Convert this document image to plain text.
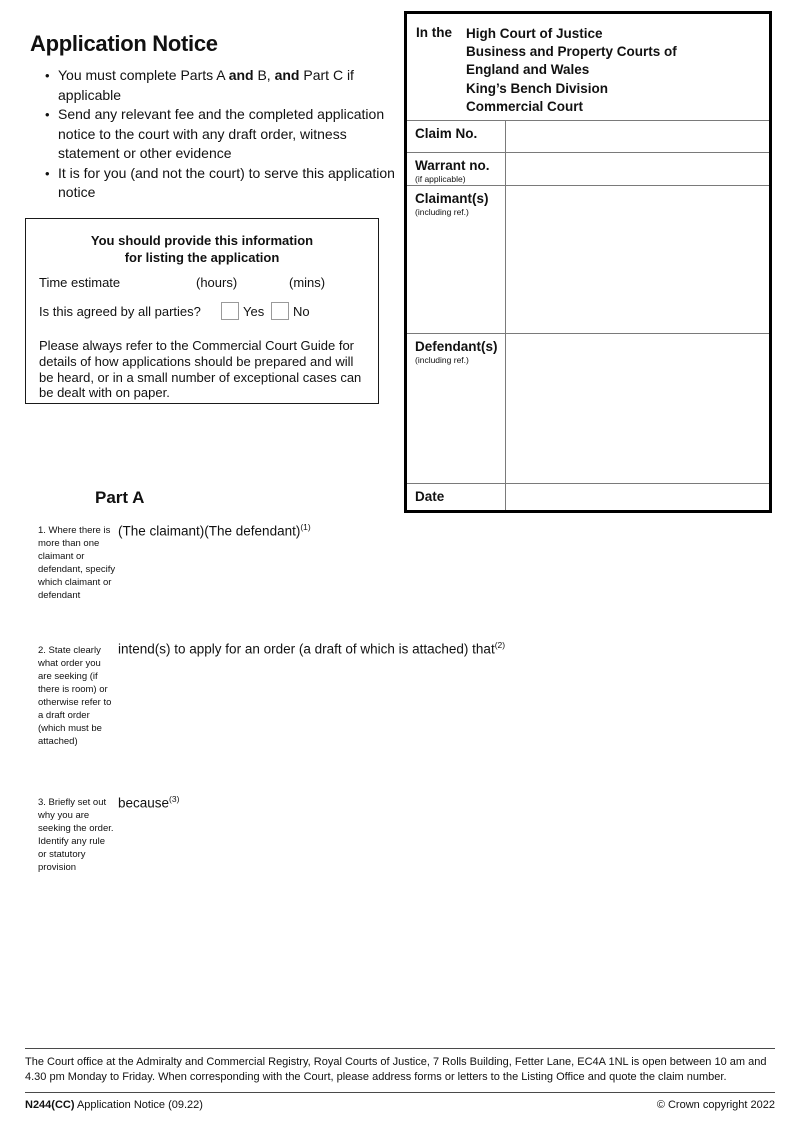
Application Notice
• You must complete Parts A and B, and Part C if applicable
• Send any relevant fee and the completed application notice to the court with any draft order, witness statement or other evidence
• It is for you (and not the court) to serve this application notice
You should provide this information
for listing the application
Time estimate	(hours)	(mins)
Is this agreed by all parties?	Yes No

Please always refer to the Commercial Court Guide for details of how applications should be prepared and will be heard, or in a small number of exceptional cases can be dealt with on paper.

In the	High Court of Justice
Business and Property Courts of
England and Wales
King’s Bench Division
Commercial Court
Claim No.
Warrant no.
(if applicable)
Claimant(s)
(including ref.)
Defendant(s)
(including ref.)
Date
Part A
1. Where there is more than one claimant or defendant, specify which claimant or defendant
(The claimant)(The defendant)$^{(1)}$
2. State clearly what order you are seeking (if there is room) or otherwise refer to a draft order (which must be attached)
intend(s) to apply for an order (a draft of which is attached) that$^{(2)}$
3. Briefly set out why you are seeking the order. Identify any rule or statutory provision
because$^{(3)}$

The Court office at the Admiralty and Commercial Registry, Royal Courts of Justice, 7 Rolls Building, Fetter Lane, EC4A 1NL is open between 10 am and 4.30 pm Monday to Friday. When corresponding with the Court, please address forms or letters to the Listing Office and quote the claim number.

N244(CC) Application Notice (09.22)	© Crown copyright 2022
